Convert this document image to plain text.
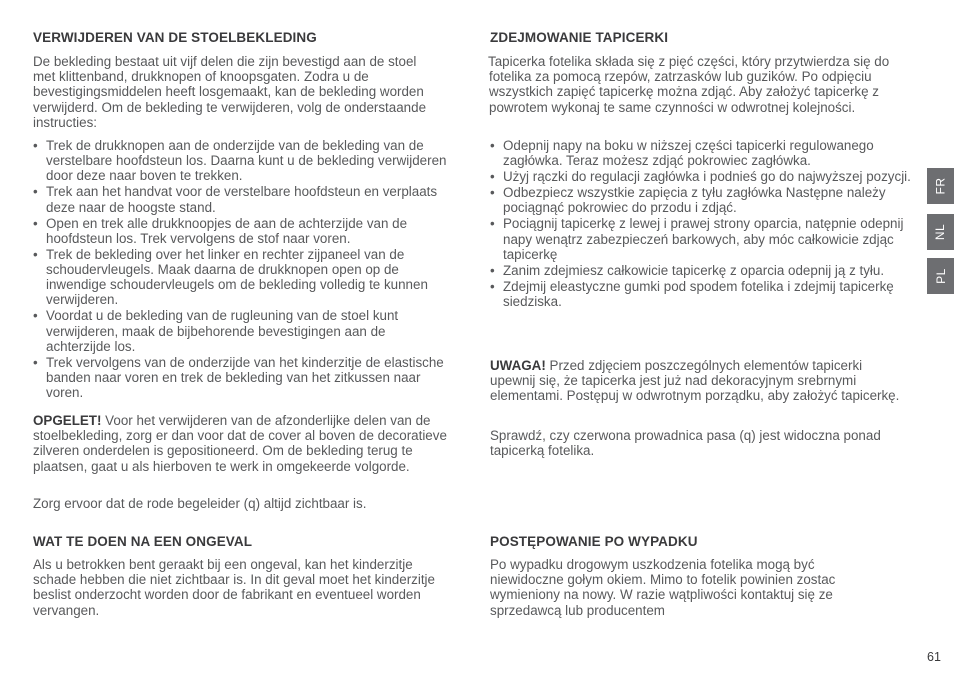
VERWIJDEREN VAN DE STOELBEKLEDING

De bekleding bestaat uit vijf delen die zijn bevestigd aan de stoel met klittenband, drukknopen of knoopsgaten. Zodra u de bevestigingsmiddelen heeft losgemaakt, kan de bekleding worden verwijderd. Om de bekleding te verwijderen, volg de onderstaande instructies:

• Trek de drukknopen aan de onderzijde van de bekleding van de verstelbare hoofdsteun los. Daarna kunt u de bekleding verwijderen door deze naar boven te trekken.
• Trek aan het handvat voor de verstelbare hoofdsteun en verplaats deze naar de hoogste stand.
• Open en trek alle drukknoopjes de aan de achterzijde van de hoofdsteun los. Trek vervolgens de stof naar voren.
• Trek de bekleding over het linker en rechter zijpaneel van de schoudervleugels. Maak daarna de drukknopen open op de inwendige schoudervleugels om de bekleding volledig te kunnen verwijderen.
• Voordat u de bekleding van de rugleuning van de stoel kunt verwijderen, maak de bijbehorende bevestigingen aan de achterzijde los.
• Trek vervolgens van de onderzijde van het kinderzitje de elastische banden naar voren en trek de bekleding van het zitkussen naar voren.

OPGELET! Voor het verwijderen van de afzonderlijke delen van de stoelbekleding, zorg er dan voor dat de cover al boven de decoratieve zilveren onderdelen is gepositioneerd. Om de bekleding terug te plaatsen, gaat u als hierboven te werk in omgekeerde volgorde.

Zorg ervoor dat de rode begeleider (q) altijd zichtbaar is.

WAT TE DOEN NA EEN ONGEVAL

Als u betrokken bent geraakt bij een ongeval, kan het kinderzitje schade hebben die niet zichtbaar is. In dit geval moet het kinderzitje beslist onderzocht worden door de fabrikant en eventueel worden vervangen.

ZDEJMOWANIE TAPICERKI

Tapicerka fotelika składa się z pięć części, który przytwierdza się do fotelika za pomocą rzepów, zatrzasków lub guzików. Po odpięciu wszystkich zapięć tapicerkę można zdjąć. Aby założyć tapicerkę z powrotem wykonaj te same czynności w odwrotnej kolejności.

• Odepnij napy na boku w niższej części tapicerki regulowanego zagłówka. Teraz możesz zdjąć pokrowiec zagłówka.
• Użyj rączki do regulacji zagłówka i podnieś go do najwyższej pozycji.
• Odbezpiecz wszystkie zapięcia z tyłu zagłówka Następne należy pociągnąć pokrowiec do przodu i zdjąć.
• Pociągnij tapicerkę z lewej i prawej strony oparcia, natępnie odepnij napy wenątrz zabezpieczeń barkowych, aby móc całkowicie zdjąc tapicerkę
• Zanim zdejmiesz całkowicie tapicerkę z oparcia odepnij ją z tyłu.
• Zdejmij eleastyczne gumki pod spodem fotelika i zdejmij tapicerkę siedziska.

UWAGA! Przed zdjęciem poszczególnych elementów tapicerki upewnij się, że tapicerka jest już nad dekoracyjnym srebrnymi elementami. Postępuj w odwrotnym porządku, aby założyć tapicerkę.

Sprawdź, czy czerwona prowadnica pasa (q) jest widoczna ponad tapicerką fotelika.

POSTĘPOWANIE PO WYPADKU

Po wypadku drogowym uszkodzenia fotelika mogą być niewidoczne gołym okiem. Mimo to fotelik powinien zostac wymieniony na nowy. W razie wątpliwości kontaktuj się ze sprzedawcą lub producentem

FR
NL
PL
61
